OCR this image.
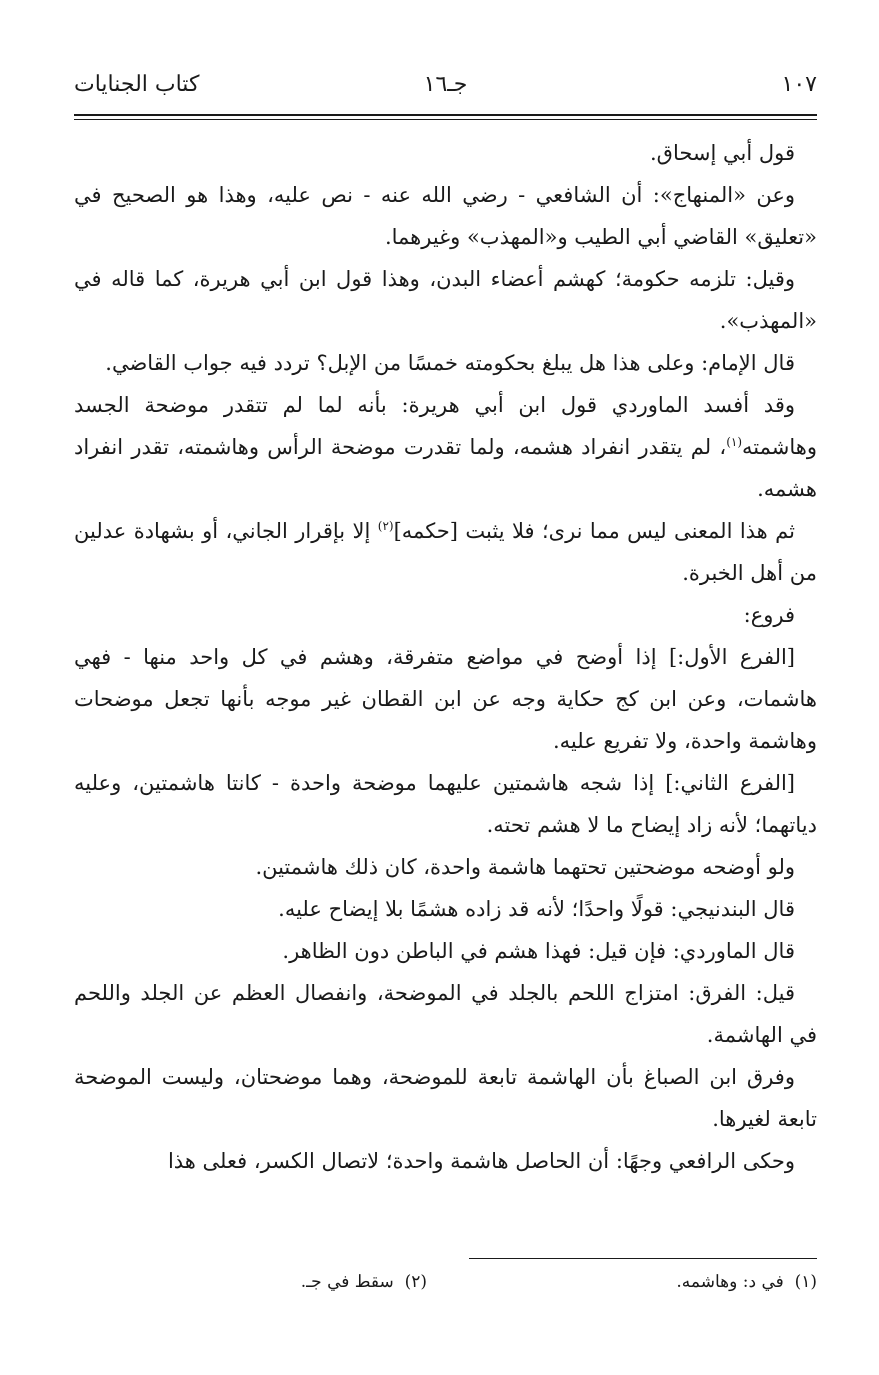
١٠٧
جـ١٦
كتاب الجنايات

قول أبي إسحاق.

وعن «المنهاج»: أن الشافعي - رضي الله عنه - نص عليه، وهذا هو الصحيح في «تعليق» القاضي أبي الطيب و«المهذب» وغيرهما.

وقيل: تلزمه حكومة؛ كهشم أعضاء البدن، وهذا قول ابن أبي هريرة، كما قاله في «المهذب».

قال الإمام: وعلى هذا هل يبلغ بحكومته خمسًا من الإبل؟ تردد فيه جواب القاضي.

وقد أفسد الماوردي قول ابن أبي هريرة: بأنه لما لم تتقدر موضحة الجسد وهاشمته$^{(١)}$، لم يتقدر انفراد هشمه، ولما تقدرت موضحة الرأس وهاشمته، تقدر انفراد هشمه.

ثم هذا المعنى ليس مما نرى؛ فلا يثبت [حكمه]$^{(٢)}$ إلا بإقرار الجاني، أو بشهادة عدلين من أهل الخبرة.

فروع:

[الفرع الأول:] إذا أوضح في مواضع متفرقة، وهشم في كل واحد منها - فهي هاشمات، وعن ابن كج حكاية وجه عن ابن القطان غير موجه بأنها تجعل موضحات وهاشمة واحدة، ولا تفريع عليه.

[الفرع الثاني:] إذا شجه هاشمتين عليهما موضحة واحدة - كانتا هاشمتين، وعليه دياتهما؛ لأنه زاد إيضاح ما لا هشم تحته.

ولو أوضحه موضحتين تحتهما هاشمة واحدة، كان ذلك هاشمتين.

قال البندنيجي: قولًا واحدًا؛ لأنه قد زاده هشمًا بلا إيضاح عليه.

قال الماوردي: فإن قيل: فهذا هشم في الباطن دون الظاهر.

قيل: الفرق: امتزاج اللحم بالجلد في الموضحة، وانفصال العظم عن الجلد واللحم في الهاشمة.

وفرق ابن الصباغ بأن الهاشمة تابعة للموضحة، وهما موضحتان، وليست الموضحة تابعة لغيرها.

وحكى الرافعي وجهًا: أن الحاصل هاشمة واحدة؛ لاتصال الكسر، فعلى هذا

(١)  في د: وهاشمه.
(٢)  سقط في جـ.
